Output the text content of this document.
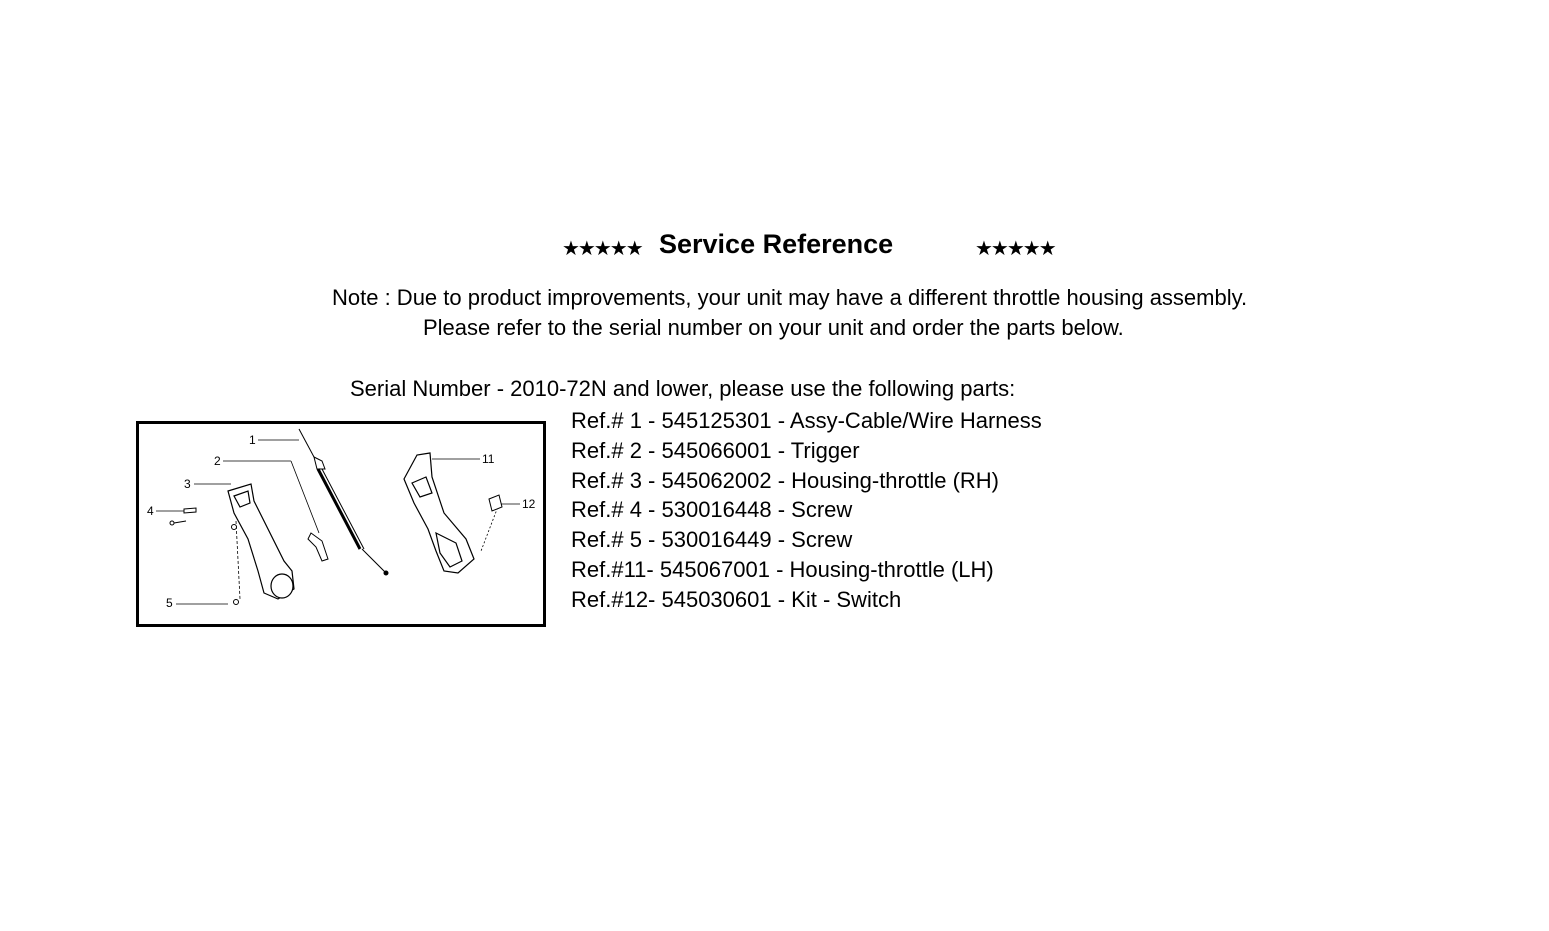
★★★★★ Service Reference	★★★★★
Note : Due to product improvements, your unit may have a different throttle housing assembly.
Please refer to the serial number on your unit and order the parts below.
Serial Number - 2010-72N and lower, please use the following parts:
Ref.# 1 - 545125301 - Assy-Cable/Wire Harness
Ref.# 2 - 545066001 - Trigger
Ref.# 3 - 545062002 - Housing-throttle (RH)
Ref.# 4 - 530016448 - Screw
Ref.# 5 - 530016449 - Screw
Ref.#11- 545067001 - Housing-throttle (LH)
Ref.#12- 545030601 - Kit - Switch
1
2
3
4
5
11
12
